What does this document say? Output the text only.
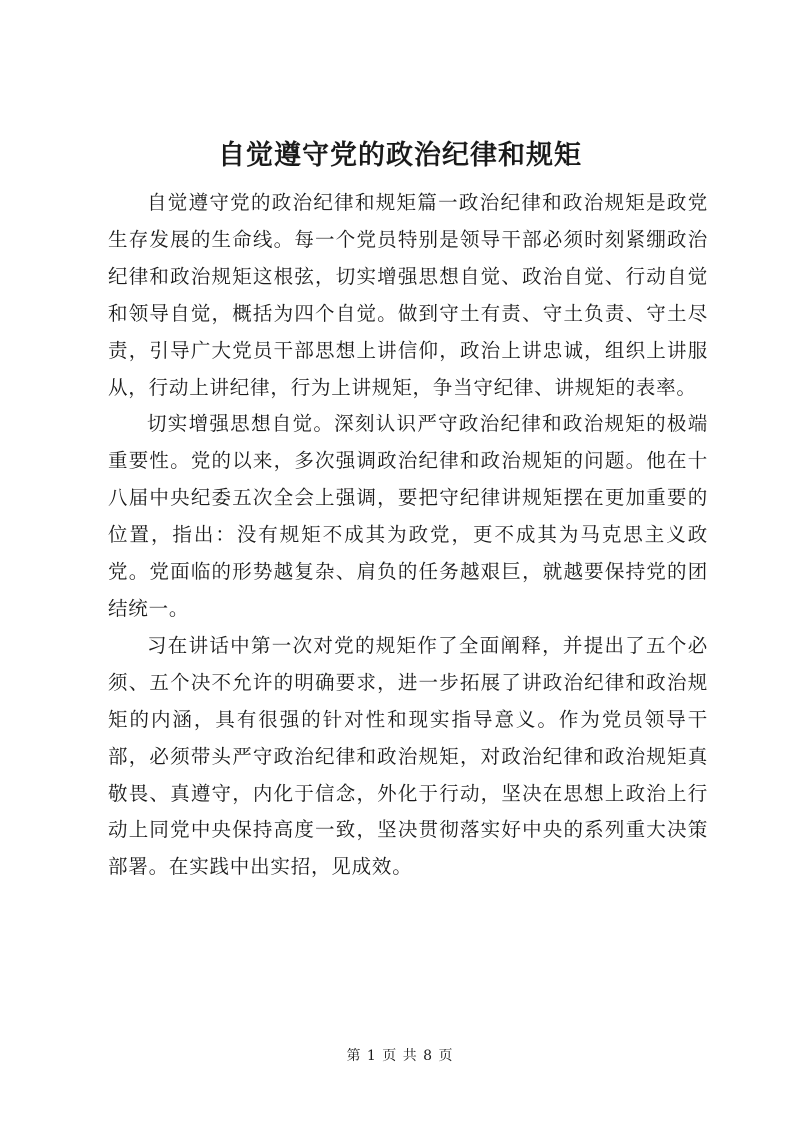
自觉遵守党的政治纪律和规矩

自觉遵守党的政治纪律和规矩篇一政治纪律和政治规矩是政党生存发展的生命线。每一个党员特别是领导干部必须时刻紧绷政治纪律和政治规矩这根弦，切实增强思想自觉、政治自觉、行动自觉和领导自觉，概括为四个自觉。做到守土有责、守土负责、守土尽责，引导广大党员干部思想上讲信仰，政治上讲忠诚，组织上讲服从，行动上讲纪律，行为上讲规矩，争当守纪律、讲规矩的表率。

切实增强思想自觉。深刻认识严守政治纪律和政治规矩的极端重要性。党的以来，多次强调政治纪律和政治规矩的问题。他在十八届中央纪委五次全会上强调，要把守纪律讲规矩摆在更加重要的位置，指出：没有规矩不成其为政党，更不成其为马克思主义政党。党面临的形势越复杂、肩负的任务越艰巨，就越要保持党的团结统一。

习在讲话中第一次对党的规矩作了全面阐释，并提出了五个必须、五个决不允许的明确要求，进一步拓展了讲政治纪律和政治规矩的内涵，具有很强的针对性和现实指导意义。作为党员领导干部，必须带头严守政治纪律和政治规矩，对政治纪律和政治规矩真敬畏、真遵守，内化于信念，外化于行动，坚决在思想上政治上行动上同党中央保持高度一致，坚决贯彻落实好中央的系列重大决策部署。在实践中出实招，见成效。

第 1 页 共 8 页
